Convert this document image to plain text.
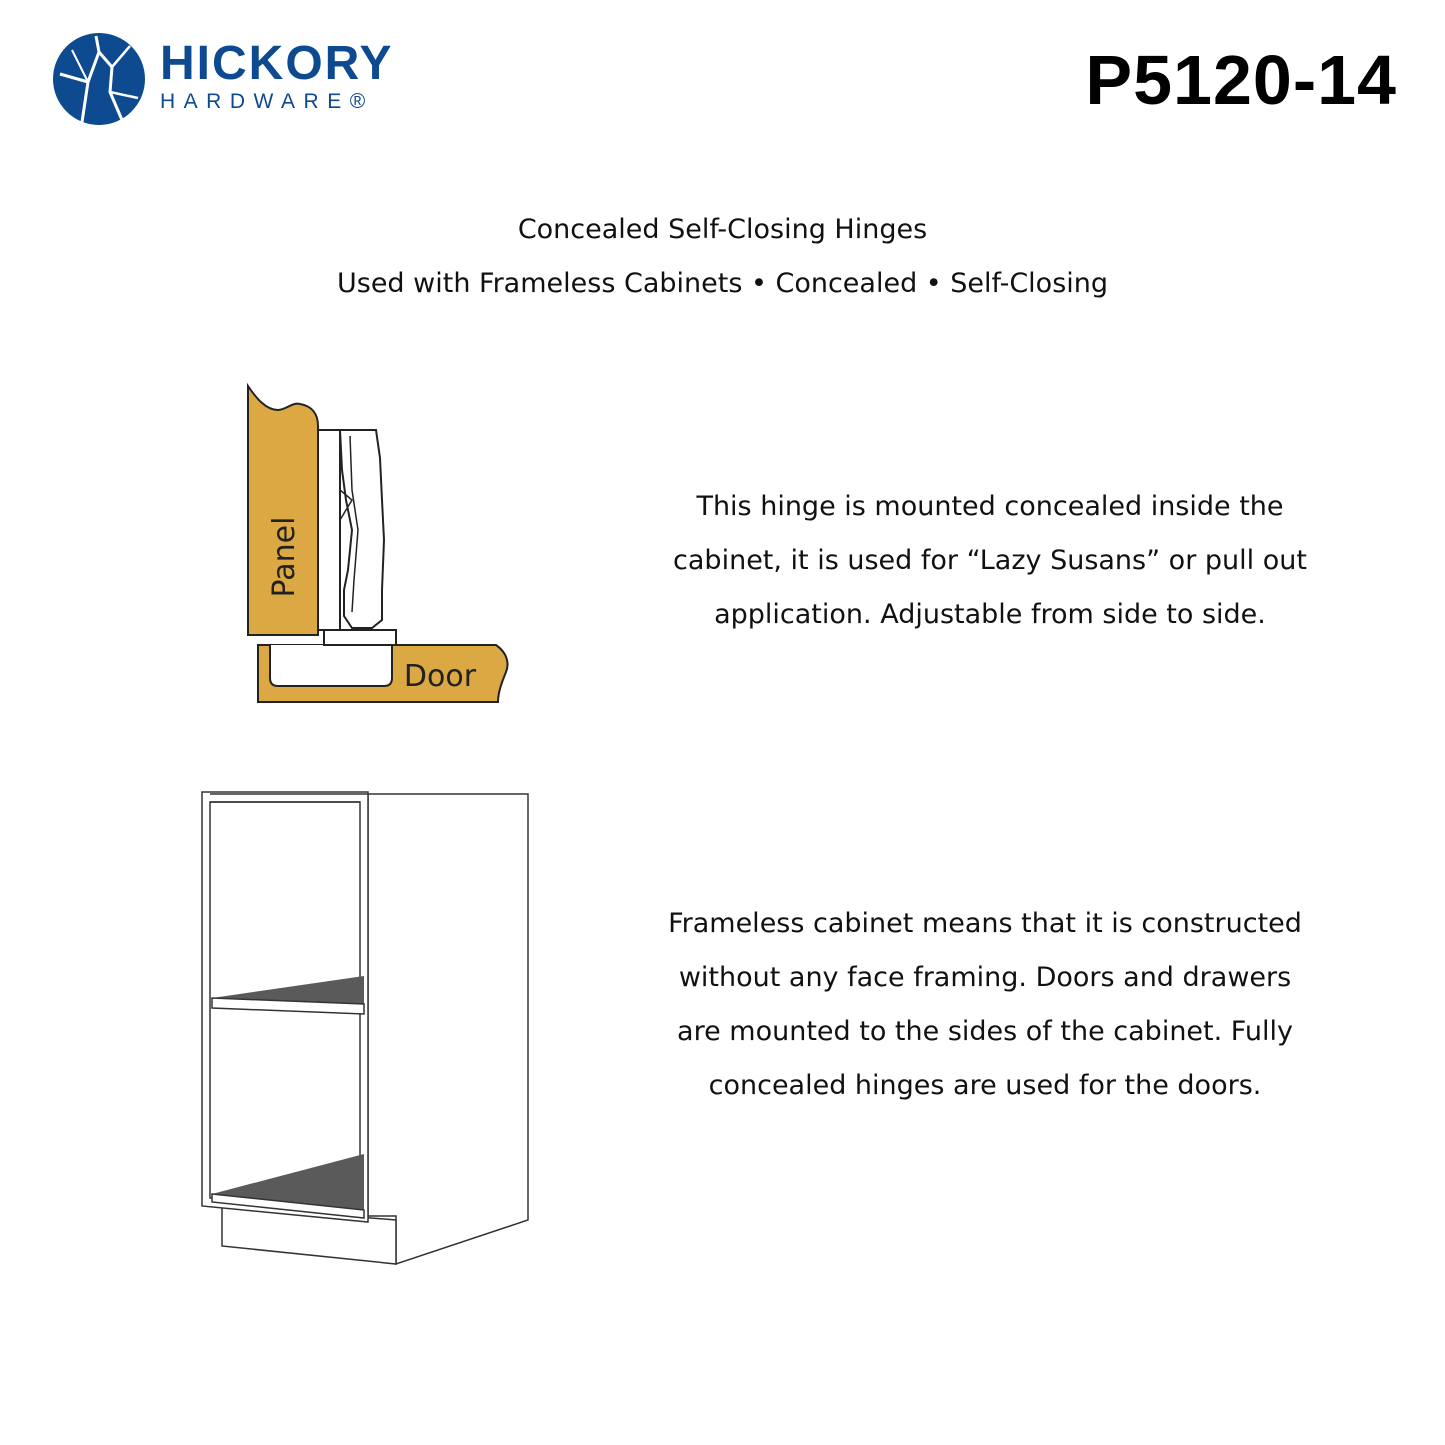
HICKORY
HARDWARE®	P5120-14
Concealed Self-Closing Hinges
Used with Frameless Cabinets • Concealed • Self-Closing
Panel
Door
This hinge is mounted concealed inside the
cabinet, it is used for “Lazy Susans” or pull out
application. Adjustable from side to side.
Frameless cabinet means that it is constructed
without any face framing. Doors and drawers
are mounted to the sides of the cabinet. Fully
concealed hinges are used for the doors.
